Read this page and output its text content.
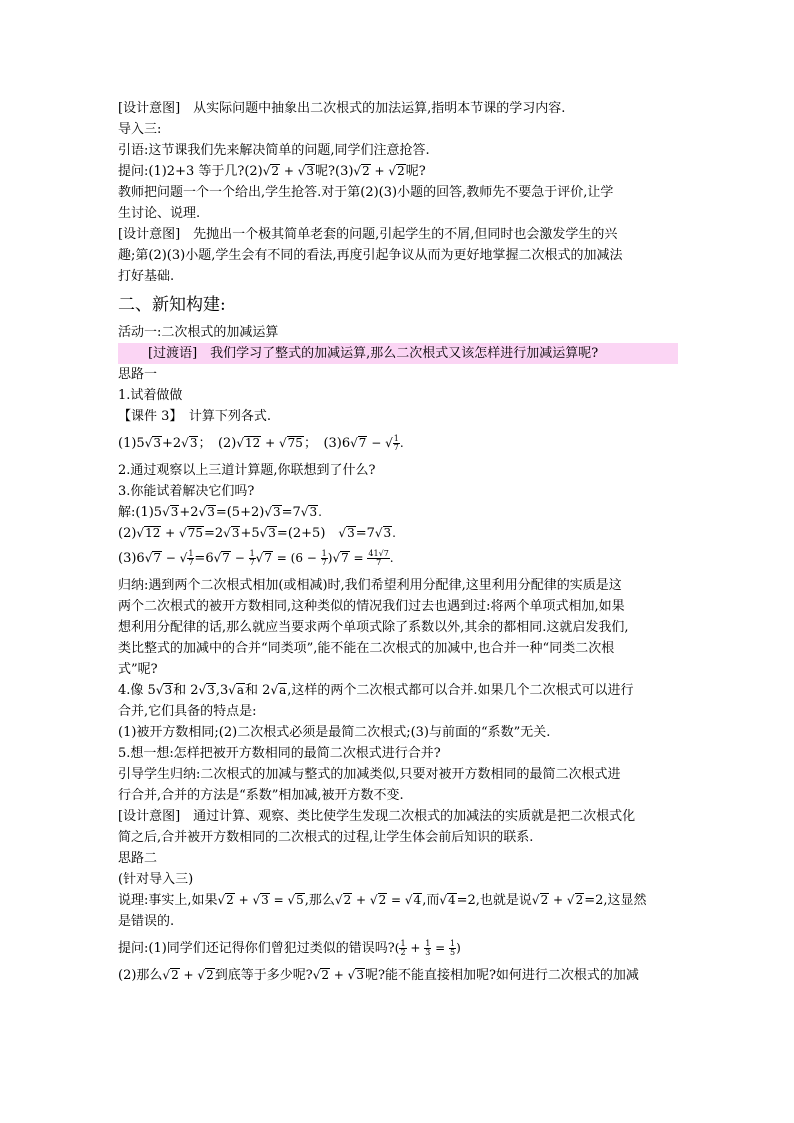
[设计意图]　从实际问题中抽象出二次根式的加法运算,指明本节课的学习内容.
导入三:
引语:这节课我们先来解决简单的问题,同学们注意抢答.
提问:(1)2+3 等于几?(2)√2 + √3呢?(3)√2 + √2呢?
教师把问题一个一个给出,学生抢答.对于第(2)(3)小题的回答,教师先不要急于评价,让学
生讨论、说理.
[设计意图]　先抛出一个极其简单老套的问题,引起学生的不屑,但同时也会激发学生的兴
趣;第(2)(3)小题,学生会有不同的看法,再度引起争议从而为更好地掌握二次根式的加减法
打好基础.
二、新知构建:
活动一:二次根式的加减运算
[过渡语]　我们学习了整式的加减运算,那么二次根式又该怎样进行加减运算呢?
思路一
1.试着做做
【课件 3】　计算下列各式.
(1)5√3+2√3；　(2)√12 + √75；　(3)6√7 − √ $\frac{1}{7}$ .
2.通过观察以上三道计算题,你联想到了什么?
3.你能试着解决它们吗?
解:(1)5√3+2√3=(5+2)√3=7√3.
(2)√12 + √75=2√3+5√3=(2+5)　√3=7√3.
(3)6√7 − √ $\frac{1}{7} =6√7 - \frac{1}{7} √7 = (6 - \frac{1}{7} )√7 = \frac{41√7}{7}$ .
归纳:遇到两个二次根式相加(或相减)时,我们希望利用分配律,这里利用分配律的实质是这
两个二次根式的被开方数相同,这种类似的情况我们过去也遇到过:将两个单项式相加,如果
想利用分配律的话,那么就应当要求两个单项式除了系数以外,其余的都相同.这就启发我们,
类比整式的加减中的合并“同类项”,能不能在二次根式的加减中,也合并一种“同类二次根
式”呢?
4.像 5√3和 2√3,3√a和 2√a,这样的两个二次根式都可以合并.如果几个二次根式可以进行
合并,它们具备的特点是:
(1)被开方数相同;(2)二次根式必须是最简二次根式;(3)与前面的“系数”无关.
5.想一想:怎样把被开方数相同的最简二次根式进行合并?
引导学生归纳:二次根式的加减与整式的加减类似,只要对被开方数相同的最简二次根式进
行合并,合并的方法是“系数”相加减,被开方数不变.
[设计意图]　通过计算、观察、类比使学生发现二次根式的加减法的实质就是把二次根式化
简之后,合并被开方数相同的二次根式的过程,让学生体会前后知识的联系.
思路二
(针对导入三)
说理:事实上,如果√2 + √3 = √5,那么√2 + √2 = √4,而√4=2,也就是说√2 + √2=2,这显然
是错误的.
提问:(1)同学们还记得你们曾犯过类似的错误吗?( $\frac{1}{2} + \frac{1}{3} = \frac{1}{5}$ )
(2)那么√2 + √2到底等于多少呢?√2 + √3呢?能不能直接相加呢?如何进行二次根式的加减
